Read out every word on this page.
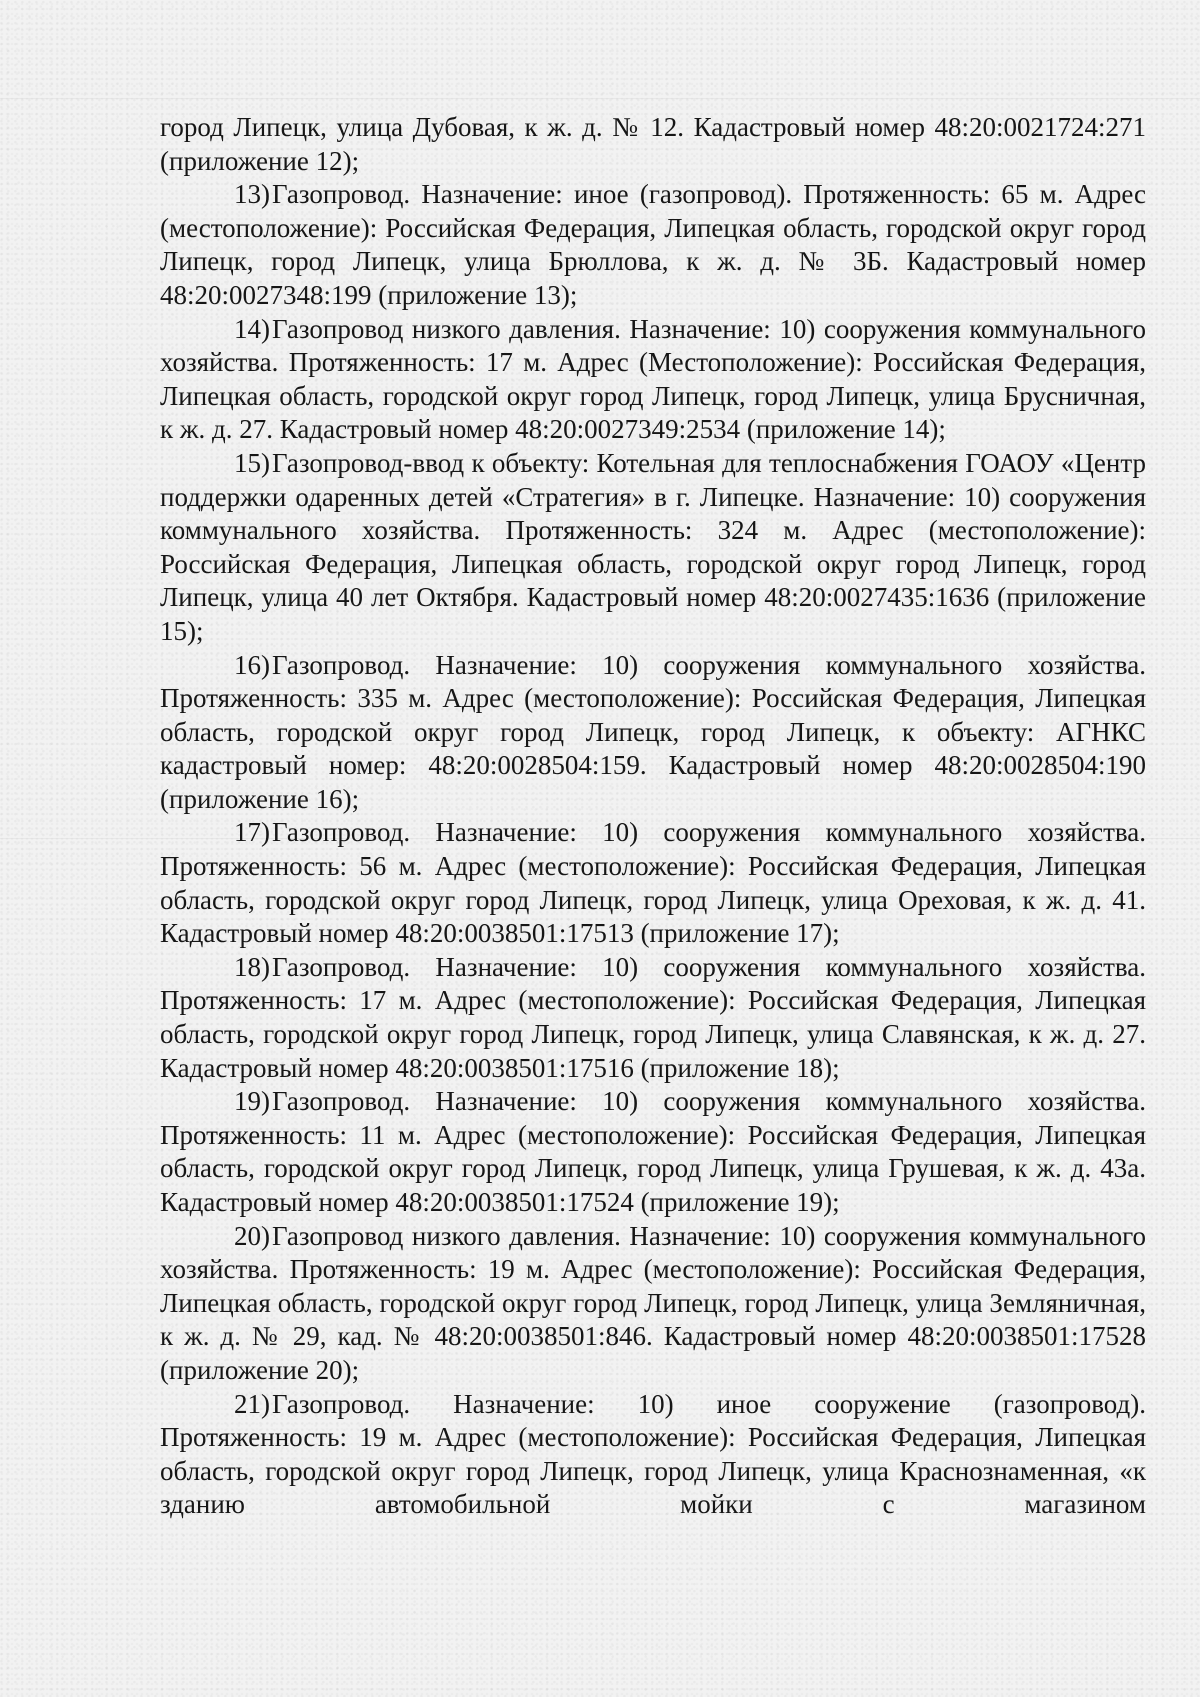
город Липецк, улица Дубовая, к ж. д. № 12. Кадастровый номер 48:20:0021724:271 (приложение 12);

13)Газопровод. Назначение: иное (газопровод). Протяженность: 65 м. Адрес (местоположение): Российская Федерация, Липецкая область, городской округ город Липецк, город Липецк, улица Брюллова, к ж. д. № 3Б. Кадастровый номер 48:20:0027348:199 (приложение 13);

14)Газопровод низкого давления. Назначение: 10) сооружения коммунального хозяйства. Протяженность: 17 м. Адрес (Местоположение): Российская Федерация, Липецкая область, городской округ город Липецк, город Липецк, улица Брусничная, к ж. д. 27. Кадастровый номер 48:20:0027349:2534 (приложение 14);

15)Газопровод-ввод к объекту: Котельная для теплоснабжения ГОАОУ «Центр поддержки одаренных детей «Стратегия» в г. Липецке. Назначение: 10) сооружения коммунального хозяйства. Протяженность: 324 м. Адрес (местоположение): Российская Федерация, Липецкая область, городской округ город Липецк, город Липецк, улица 40 лет Октября. Кадастровый номер 48:20:0027435:1636 (приложение 15);

16)Газопровод. Назначение: 10) сооружения коммунального хозяйства. Протяженность: 335 м. Адрес (местоположение): Российская Федерация, Липецкая область, городской округ город Липецк, город Липецк, к объекту: АГНКС кадастровый номер: 48:20:0028504:159. Кадастровый номер 48:20:0028504:190 (приложение 16);

17)Газопровод. Назначение: 10) сооружения коммунального хозяйства. Протяженность: 56 м. Адрес (местоположение): Российская Федерация, Липецкая область, городской округ город Липецк, город Липецк, улица Ореховая, к ж. д. 41. Кадастровый номер 48:20:0038501:17513 (приложение 17);

18)Газопровод. Назначение: 10) сооружения коммунального хозяйства. Протяженность: 17 м. Адрес (местоположение): Российская Федерация, Липецкая область, городской округ город Липецк, город Липецк, улица Славянская, к ж. д. 27. Кадастровый номер 48:20:0038501:17516 (приложение 18);

19)Газопровод. Назначение: 10) сооружения коммунального хозяйства. Протяженность: 11 м. Адрес (местоположение): Российская Федерация, Липецкая область, городской округ город Липецк, город Липецк, улица Грушевая, к ж. д. 43а. Кадастровый номер 48:20:0038501:17524 (приложение 19);

20)Газопровод низкого давления. Назначение: 10) сооружения коммунального хозяйства. Протяженность: 19 м. Адрес (местоположение): Российская Федерация, Липецкая область, городской округ город Липецк, город Липецк, улица Земляничная, к ж. д. № 29, кад. № 48:20:0038501:846. Кадастровый номер 48:20:0038501:17528 (приложение 20);

21)Газопровод. Назначение: 10) иное сооружение (газопровод). Протяженность: 19 м. Адрес (местоположение): Российская Федерация, Липецкая область, городской округ город Липецк, город Липецк, улица Краснознаменная, «к зданию автомобильной мойки с магазином
